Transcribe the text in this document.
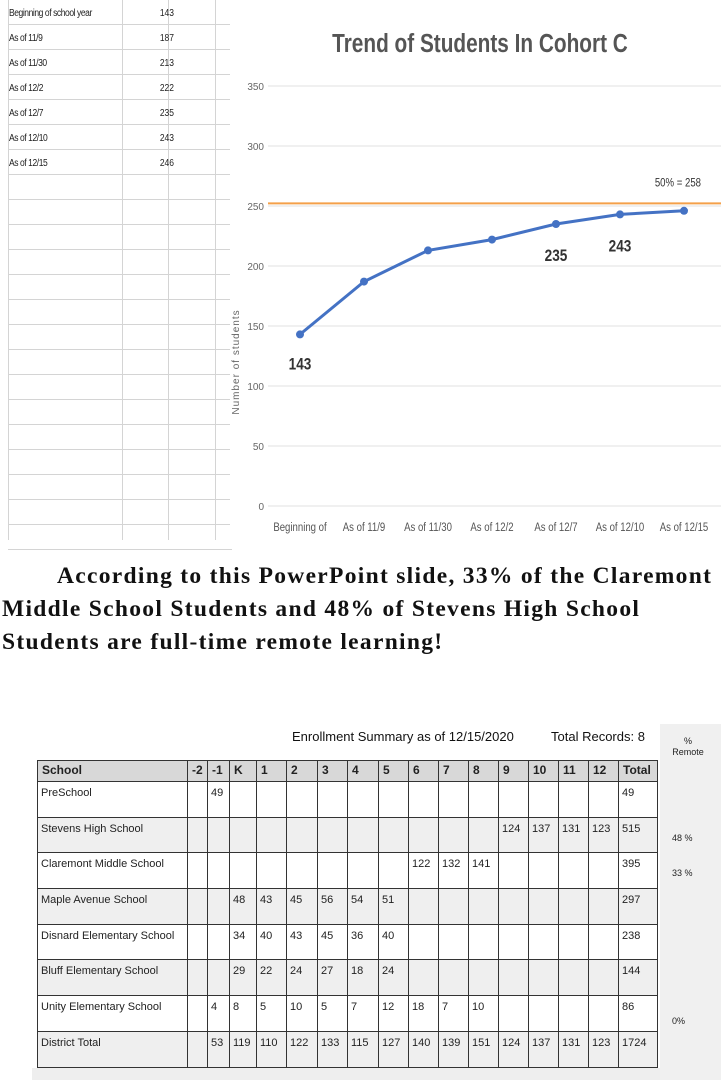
Beginning of school year	143
As of 11/9	187
As of 11/30	213
As of 12/2	222
As of 12/7	235
As of 12/10	243
As of 12/15	246
Trend of Students In Cohort C
0
50
100
150
200
250
300
350
Number of students
50% = 258
Beginning of As of 11/9 As of 11/30 As of 12/2 As of 12/7 As of 12/10 As of 12/15
143
235
243
According to this PowerPoint slide, 33% of the Claremont Middle School Students and 48% of Stevens High School Students are full-time remote learning!
Enrollment Summary as of 12/15/2020	Total Records: 8	% Remote
48 %
33 %
0%
School	-2	-1	K	1	2	3	4	5	6	7	8	9	10	11	12	Total
PreSchool		49														49
Stevens High School												124	137	131	123	515
Claremont Middle School									122	132	141					395
Maple Avenue School			48	43	45	56	54	51								297
Disnard Elementary School			34	40	43	45	36	40								238
Bluff Elementary School			29	22	24	27	18	24								144
Unity Elementary School		4	8	5	10	5	7	12	18	7	10					86
District Total		53	119	110	122	133	115	127	140	139	151	124	137	131	123	1724
